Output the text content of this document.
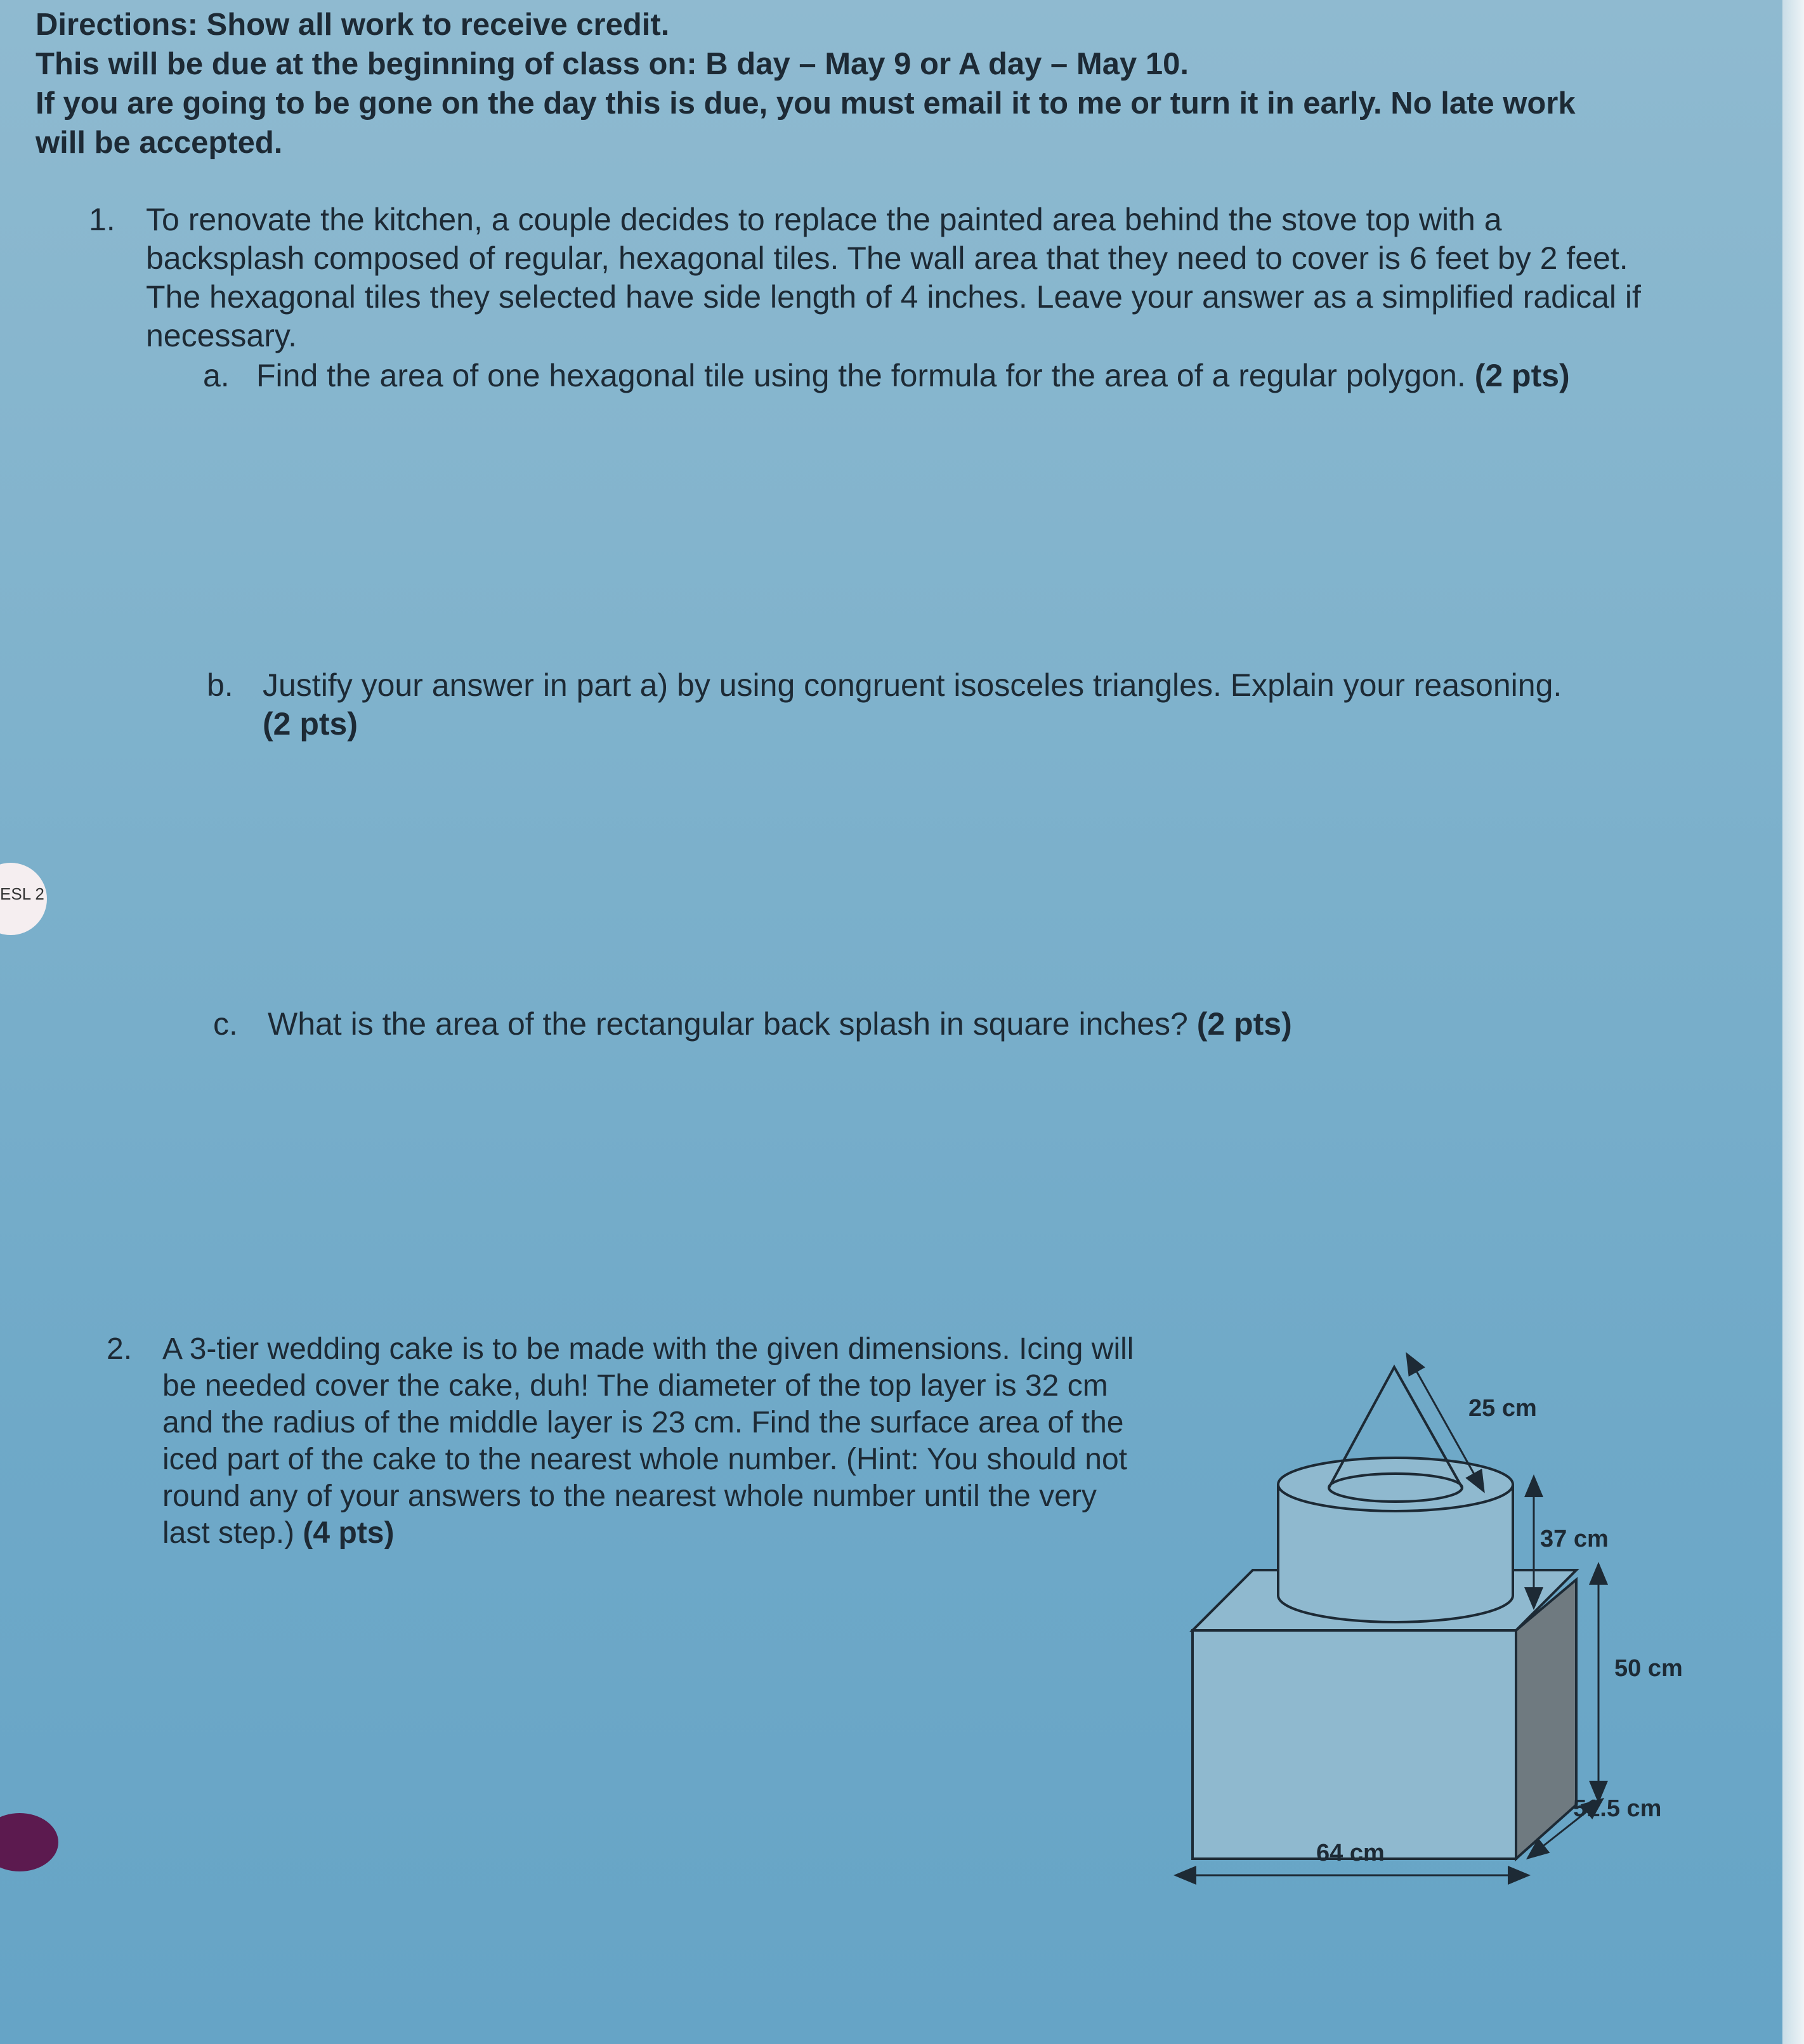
Directions: Show all work to receive credit.
This will be due at the beginning of class on: B day – May 9 or A day – May 10.
If you are going to be gone on the day this is due, you must email it to me or turn it in early. No late work will be accepted.
1. To renovate the kitchen, a couple decides to replace the painted area behind the stove top with a backsplash composed of regular, hexagonal tiles. The wall area that they need to cover is 6 feet by 2 feet. The hexagonal tiles they selected have side length of 4 inches. Leave your answer as a simplified radical if necessary.
a. Find the area of one hexagonal tile using the formula for the area of a regular polygon. (2 pts)
b. Justify your answer in part a) by using congruent isosceles triangles. Explain your reasoning.
(2 pts)
c. What is the area of the rectangular back splash in square inches? (2 pts)
2. A 3-tier wedding cake is to be made with the given dimensions. Icing will be needed cover the cake, duh! The diameter of the top layer is 32 cm and the radius of the middle layer is 23 cm. Find the surface area of the iced part of the cake to the nearest whole number. (Hint: You should not round any of your answers to the nearest whole number until the very last step.) (4 pts)
25 cm
37 cm
50 cm
51.5 cm
64 cm
ESL 2
